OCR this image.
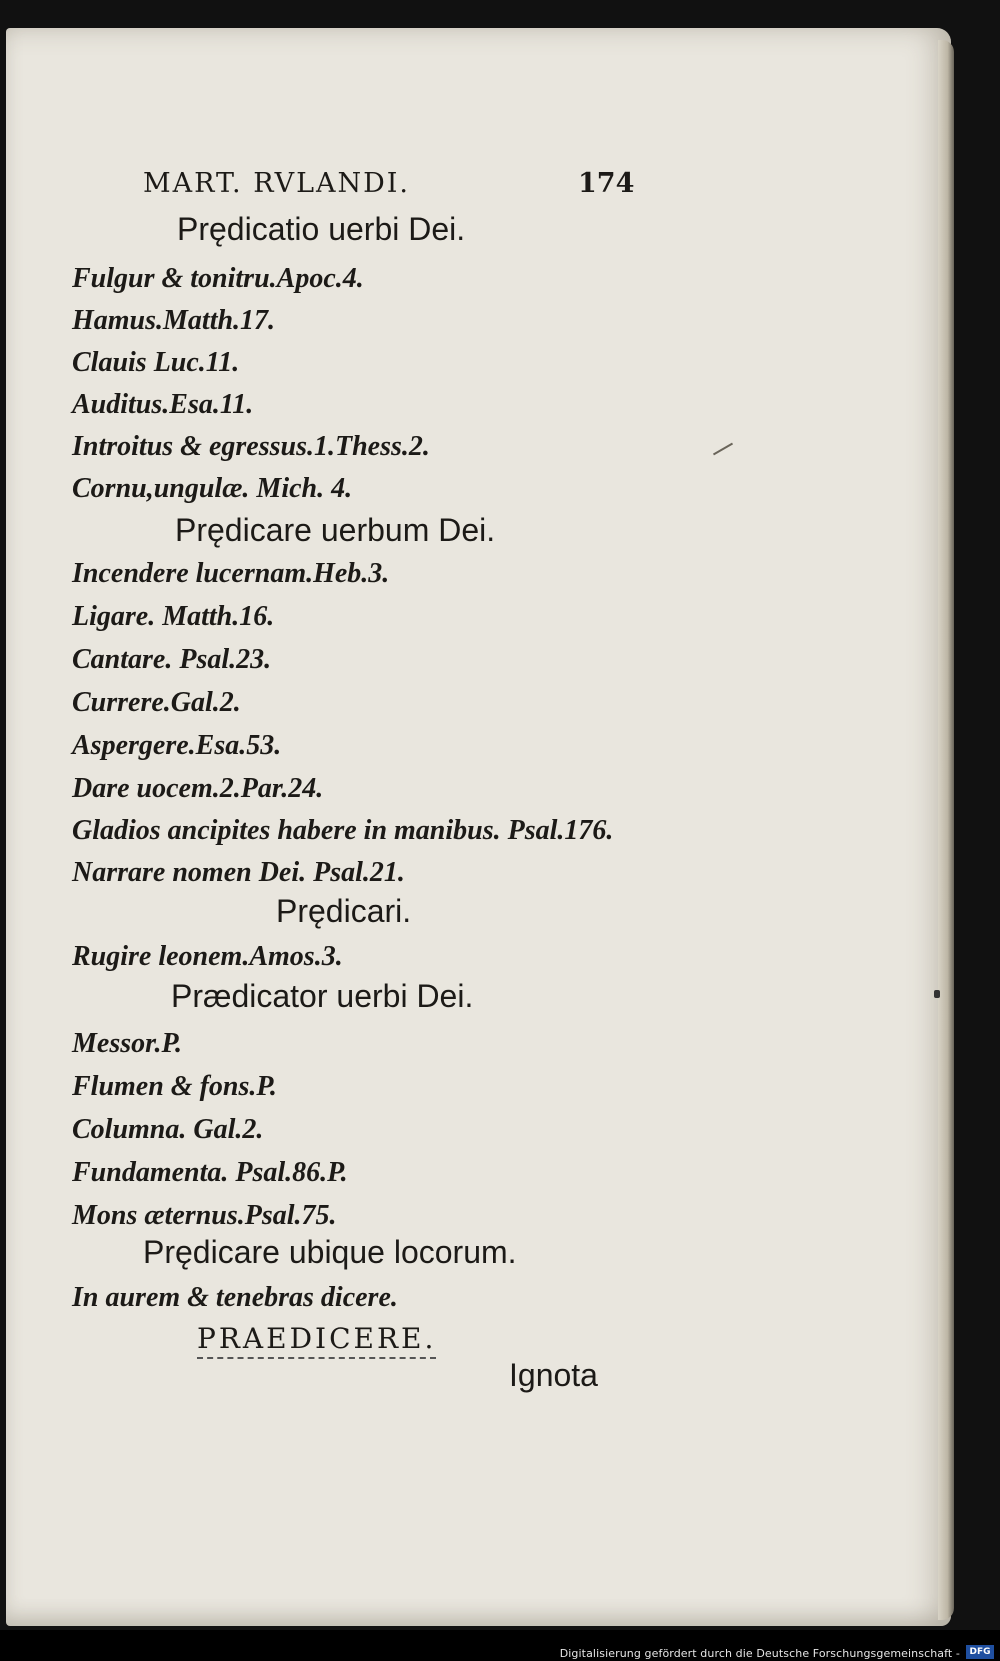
MART. RVLANDI.	174
Prędicatio uerbi Dei.
Fulgur & tonitru.Apoc.4.
Hamus.Matth.17.
Clauis Luc.11.
Auditus.Esa.11.
Introitus & egressus.1.Thess.2.
Cornu,ungulæ. Mich. 4.
Prędicare uerbum Dei.
Incendere lucernam.Heb.3.
Ligare. Matth.16.
Cantare. Psal.23.
Currere.Gal.2.
Aspergere.Esa.53.
Dare uocem.2.Par.24.
Gladios ancipites habere in manibus. Psal.176.
Narrare nomen Dei. Psal.21.
Prędicari.
Rugire leonem.Amos.3.
Prædicator uerbi Dei.
Messor.P.
Flumen & fons.P.
Columna. Gal.2.
Fundamenta. Psal.86.P.
Mons æternus.Psal.75.
Prędicare ubique locorum.
In aurem & tenebras dicere.
PRAEDICERE.
Ignota
Digitalisierung gefördert durch die Deutsche Forschungsgemeinschaft -	DFG
